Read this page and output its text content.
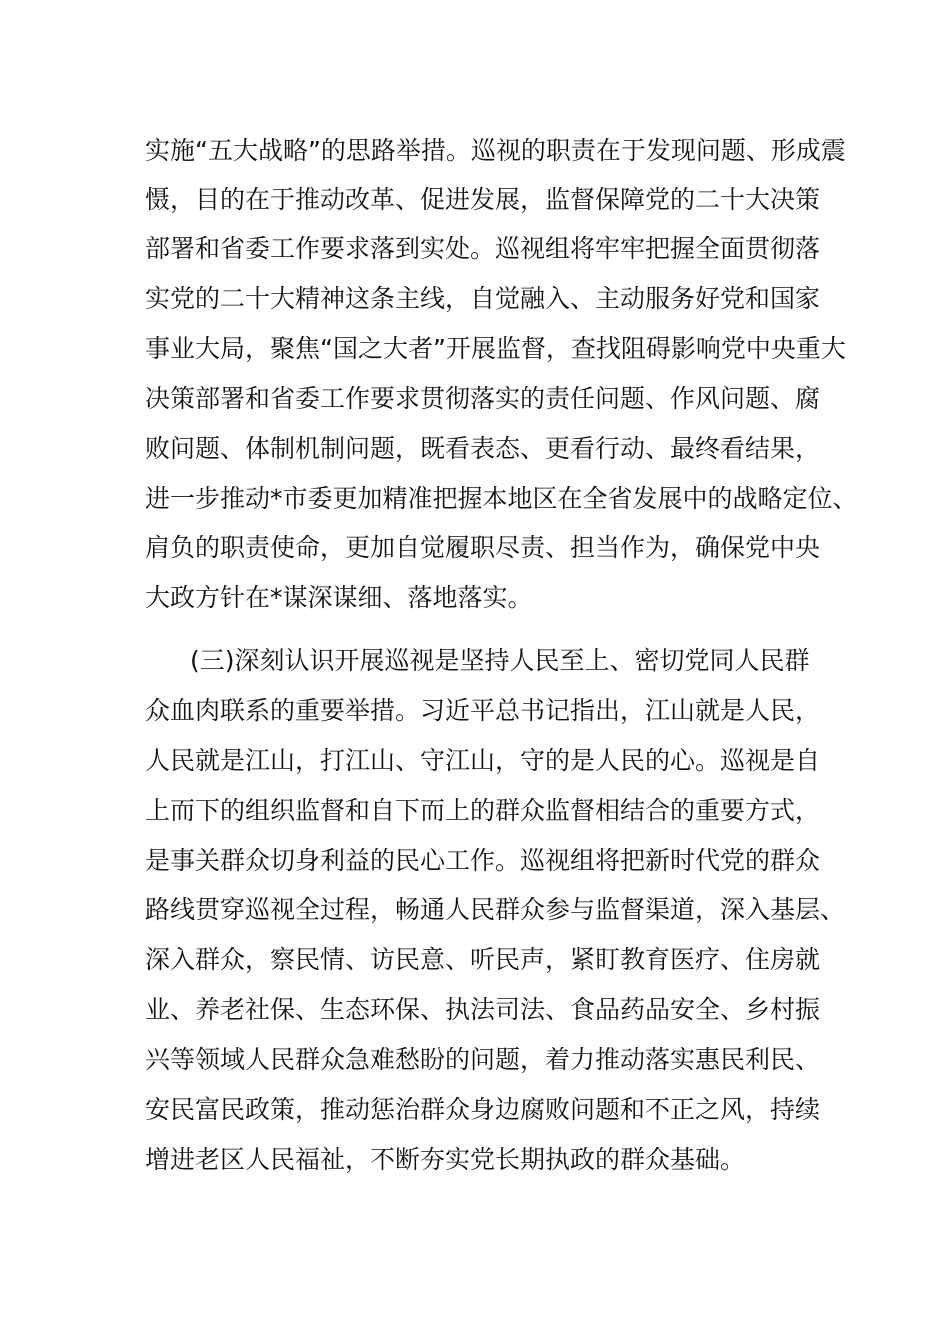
实施“五大战略”的思路举措。巡视的职责在于发现问题、形成震
慑，目的在于推动改革、促进发展，监督保障党的二十大决策
部署和省委工作要求落到实处。巡视组将牢牢把握全面贯彻落
实党的二十大精神这条主线，自觉融入、主动服务好党和国家
事业大局，聚焦“国之大者”开展监督，查找阻碍影响党中央重大
决策部署和省委工作要求贯彻落实的责任问题、作风问题、腐
败问题、体制机制问题，既看表态、更看行动、最终看结果，
进一步推动*市委更加精准把握本地区在全省发展中的战略定位、
肩负的职责使命，更加自觉履职尽责、担当作为，确保党中央
大政方针在*谋深谋细、落地落实。
(三)深刻认识开展巡视是坚持人民至上、密切党同人民群
众血肉联系的重要举措。习近平总书记指出，江山就是人民，
人民就是江山，打江山、守江山，守的是人民的心。巡视是自
上而下的组织监督和自下而上的群众监督相结合的重要方式，
是事关群众切身利益的民心工作。巡视组将把新时代党的群众
路线贯穿巡视全过程，畅通人民群众参与监督渠道，深入基层、
深入群众，察民情、访民意、听民声，紧盯教育医疗、住房就
业、养老社保、生态环保、执法司法、食品药品安全、乡村振
兴等领域人民群众急难愁盼的问题，着力推动落实惠民利民、
安民富民政策，推动惩治群众身边腐败问题和不正之风，持续
增进老区人民福祉，不断夯实党长期执政的群众基础。
